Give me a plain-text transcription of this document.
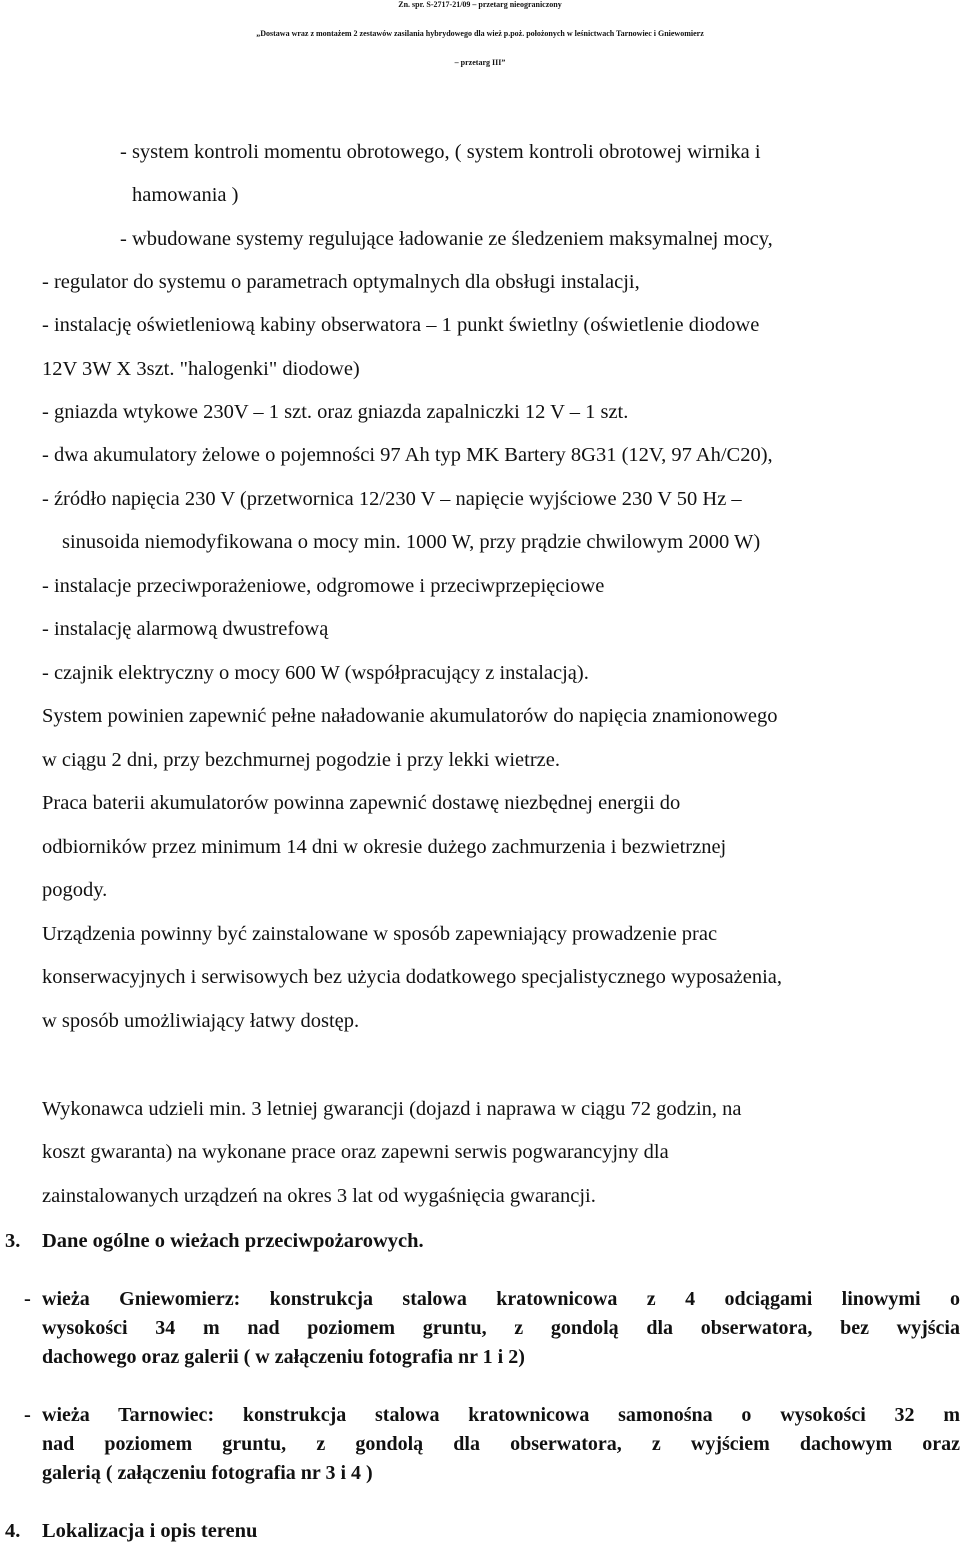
Zn. spr. S-2717-21/09 – przetarg nieograniczony
„Dostawa wraz z montażem 2 zestawów zasilania hybrydowego dla wież p.poż. położonych w leśnictwach Tarnowiec i Gniewomierz
– przetarg III”
- system kontroli momentu obrotowego, ( system kontroli obrotowej wirnika i
hamowania )
- wbudowane systemy regulujące ładowanie ze śledzeniem maksymalnej mocy,
- regulator do systemu o parametrach optymalnych dla obsługi instalacji,
- instalację oświetleniową kabiny obserwatora – 1 punkt świetlny (oświetlenie diodowe
12V 3W X 3szt. "halogenki" diodowe)
- gniazda wtykowe 230V – 1 szt. oraz gniazda zapalniczki 12 V – 1 szt.
- dwa akumulatory żelowe o pojemności 97 Ah typ MK Bartery 8G31 (12V, 97 Ah/C20),
- źródło napięcia 230 V (przetwornica 12/230 V – napięcie wyjściowe 230 V 50 Hz –
sinusoida niemodyfikowana o mocy min. 1000 W, przy prądzie chwilowym 2000 W)
- instalacje przeciwporażeniowe, odgromowe i przeciwprzepięciowe
- instalację alarmową dwustrefową
- czajnik elektryczny o mocy 600 W (współpracujący z instalacją).
System powinien zapewnić pełne naładowanie akumulatorów do napięcia znamionowego
w ciągu 2 dni, przy bezchmurnej pogodzie i przy lekki wietrze.
Praca baterii akumulatorów powinna zapewnić dostawę niezbędnej energii do
odbiorników przez minimum 14 dni w okresie dużego zachmurzenia i bezwietrznej
pogody.
Urządzenia powinny być zainstalowane w sposób zapewniający prowadzenie prac
konserwacyjnych i serwisowych bez użycia dodatkowego specjalistycznego wyposażenia,
w sposób umożliwiający łatwy dostęp.
Wykonawca udzieli min. 3 letniej gwarancji (dojazd i naprawa w ciągu 72 godzin, na
koszt gwaranta) na wykonane prace oraz zapewni serwis pogwarancyjny dla
zainstalowanych urządzeń na okres 3 lat od wygaśnięcia gwarancji.
3. Dane ogólne o wieżach przeciwpożarowych.
- wieża Gniewomierz: konstrukcja stalowa kratownicowa z 4 odciągami linowymi o
wysokości 34 m nad poziomem gruntu, z gondolą dla obserwatora, bez wyjścia
dachowego oraz galerii ( w załączeniu fotografia nr 1 i 2)
- wieża Tarnowiec: konstrukcja stalowa kratownicowa samonośna o wysokości 32 m
nad poziomem gruntu, z gondolą dla obserwatora, z wyjściem dachowym oraz
galerią ( załączeniu fotografia nr 3 i 4 )
4. Lokalizacja i opis terenu
